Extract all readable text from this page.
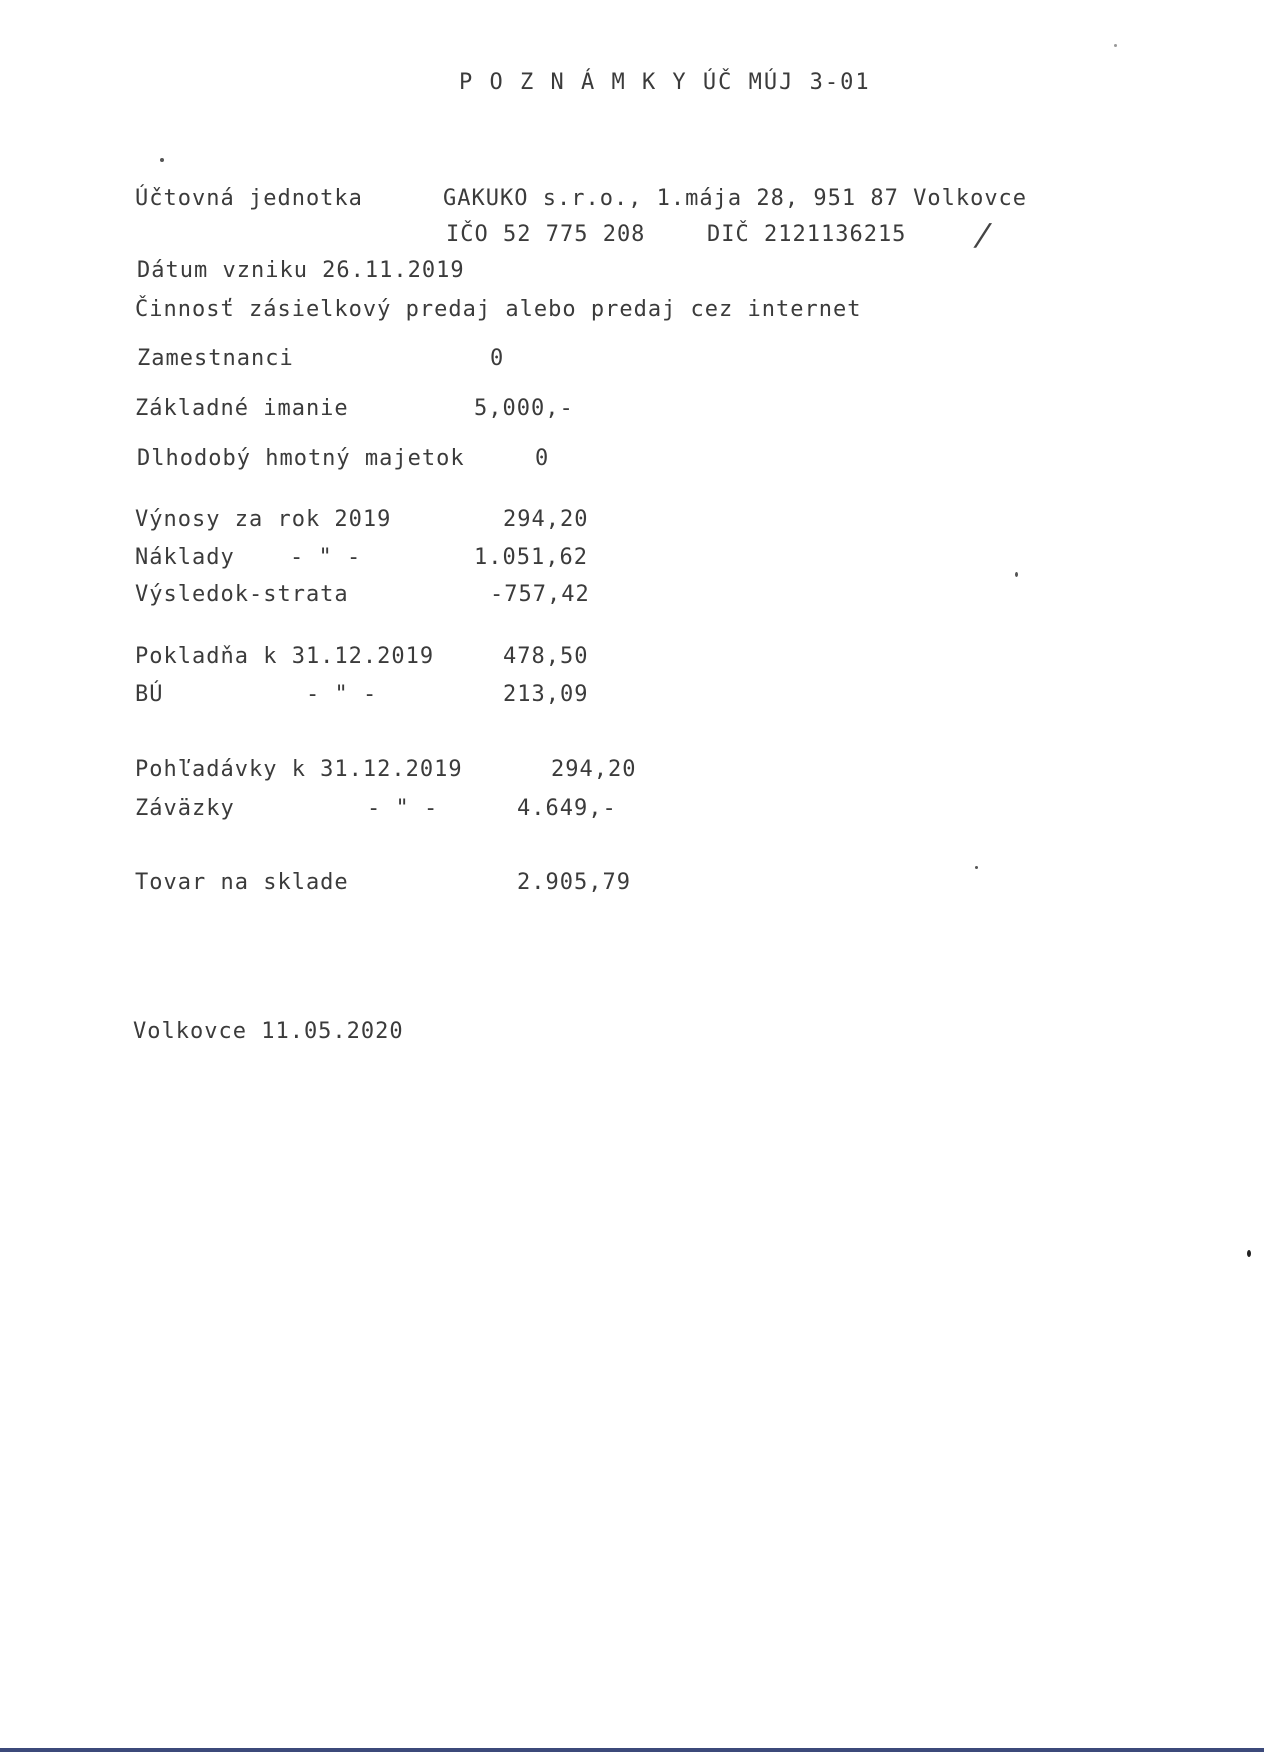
P O Z N Á M K Y ÚČ MÚJ 3-01
Účtovná jednotka	GAKUKO s.r.o., 1.mája 28, 951 87 Volkovce
IČO 52 775 208	DIČ 2121136215 /
Dátum vzniku 26.11.2019
Činnosť zásielkový predaj alebo predaj cez internet
Zamestnanci	0
Základné imanie	5,000,-
Dlhodobý hmotný majetok	0
Výnosy za rok 2019	294,20
Náklady	- " -	1.051,62
Výsledok-strata	-757,42
Pokladňa k 31.12.2019	478,50
BÚ	- " -	213,09
Pohľadávky k 31.12.2019	294,20
Záväzky	- " -	4.649,-
Tovar na sklade	2.905,79
Volkovce 11.05.2020
